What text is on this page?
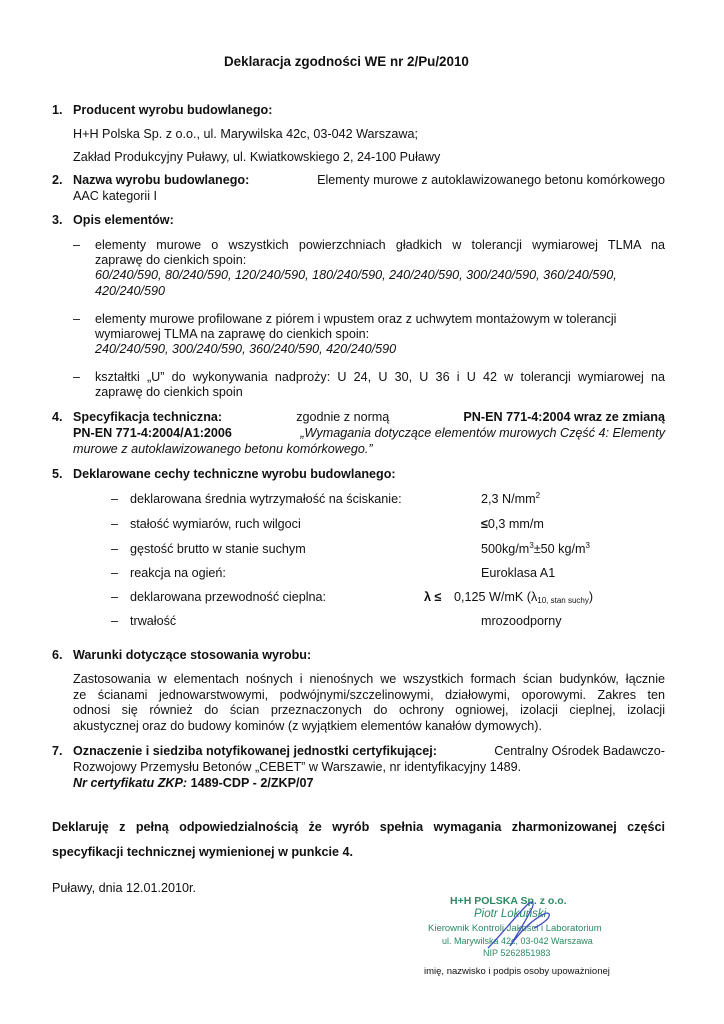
Deklaracja zgodności WE nr 2/Pu/2010
1. Producent wyrobu budowlanego:
H+H Polska Sp. z o.o., ul. Marywilska 42c, 03-042 Warszawa;
Zakład Produkcyjny Puławy, ul. Kwiatkowskiego 2, 24-100 Puławy
2. Nazwa wyrobu budowlanego:	Elementy murowe z autoklawizowanego betonu komórkowego
AAC kategorii I
3. Opis elementów:
– elementy murowe o wszystkich powierzchniach gładkich w tolerancji wymiarowej TLMA na
zaprawę do cienkich spoin:
60/240/590, 80/240/590, 120/240/590, 180/240/590, 240/240/590, 300/240/590, 360/240/590,
420/240/590
– elementy murowe profilowane z piórem i wpustem oraz z uchwytem montażowym w tolerancji
wymiarowej TLMA na zaprawę do cienkich spoin:
240/240/590, 300/240/590, 360/240/590, 420/240/590
– kształtki „U” do wykonywania nadproży: U 24, U 30, U 36 i U 42 w tolerancji wymiarowej na
zaprawę do cienkich spoin
4. Specyfikacja techniczna:	zgodnie z normą	PN-EN 771-4:2004 wraz ze zmianą
PN-EN 771-4:2004/A1:2006	„Wymagania dotyczące elementów murowych Część 4: Elementy
murowe z autoklawizowanego betonu komórkowego.”
5. Deklarowane cechy techniczne wyrobu budowlanego:
– deklarowana średnia wytrzymałość na ściskanie:	2,3 $N/mm^2$
– stałość wymiarów, ruch wilgoci	≤0,3 mm/m
– gęstość brutto w stanie suchym	$500kg/m^3\pm 50$ $kg/m^3$
– reakcja na ogień:	Euroklasa A1
– deklarowana przewodność cieplna:	λ ≤ 0,125 W/mK $(\lambda_{10, stan suchy})$
– trwałość	mrozoodporny
6. Warunki dotyczące stosowania wyrobu:
Zastosowania w elementach nośnych i nienośnych we wszystkich formach ścian budynków, łącznie
ze ścianami jednowarstwowymi, podwójnymi/szczelinowymi, działowymi, oporowymi. Zakres ten
odnosi się również do ścian przeznaczonych do ochrony ogniowej, izolacji cieplnej, izolacji
akustycznej oraz do budowy kominów (z wyjątkiem elementów kanałów dymowych).
7. Oznaczenie i siedziba notyfikowanej jednostki certyfikującej:	Centralny Ośrodek Badawczo-
Rozwojowy Przemysłu Betonów „CEBET” w Warszawie, nr identyfikacyjny 1489.
Nr certyfikatu ZKP: 1489-CDP - 2/ZKP/07
Deklaruję z pełną odpowiedzialnością że wyrób spełnia wymagania zharmonizowanej części
specyfikacji technicznej wymienionej w punkcie 4.
Puławy, dnia 12.01.2010r.
H+H POLSKA Sp. z o.o.
Piotr Lokuński
Kierownik Kontroli Jakości i Laboratorium
ul. Marywilska 42c, 03-042 Warszawa
NIP 5262851983
imię, nazwisko i podpis osoby upoważnionej
